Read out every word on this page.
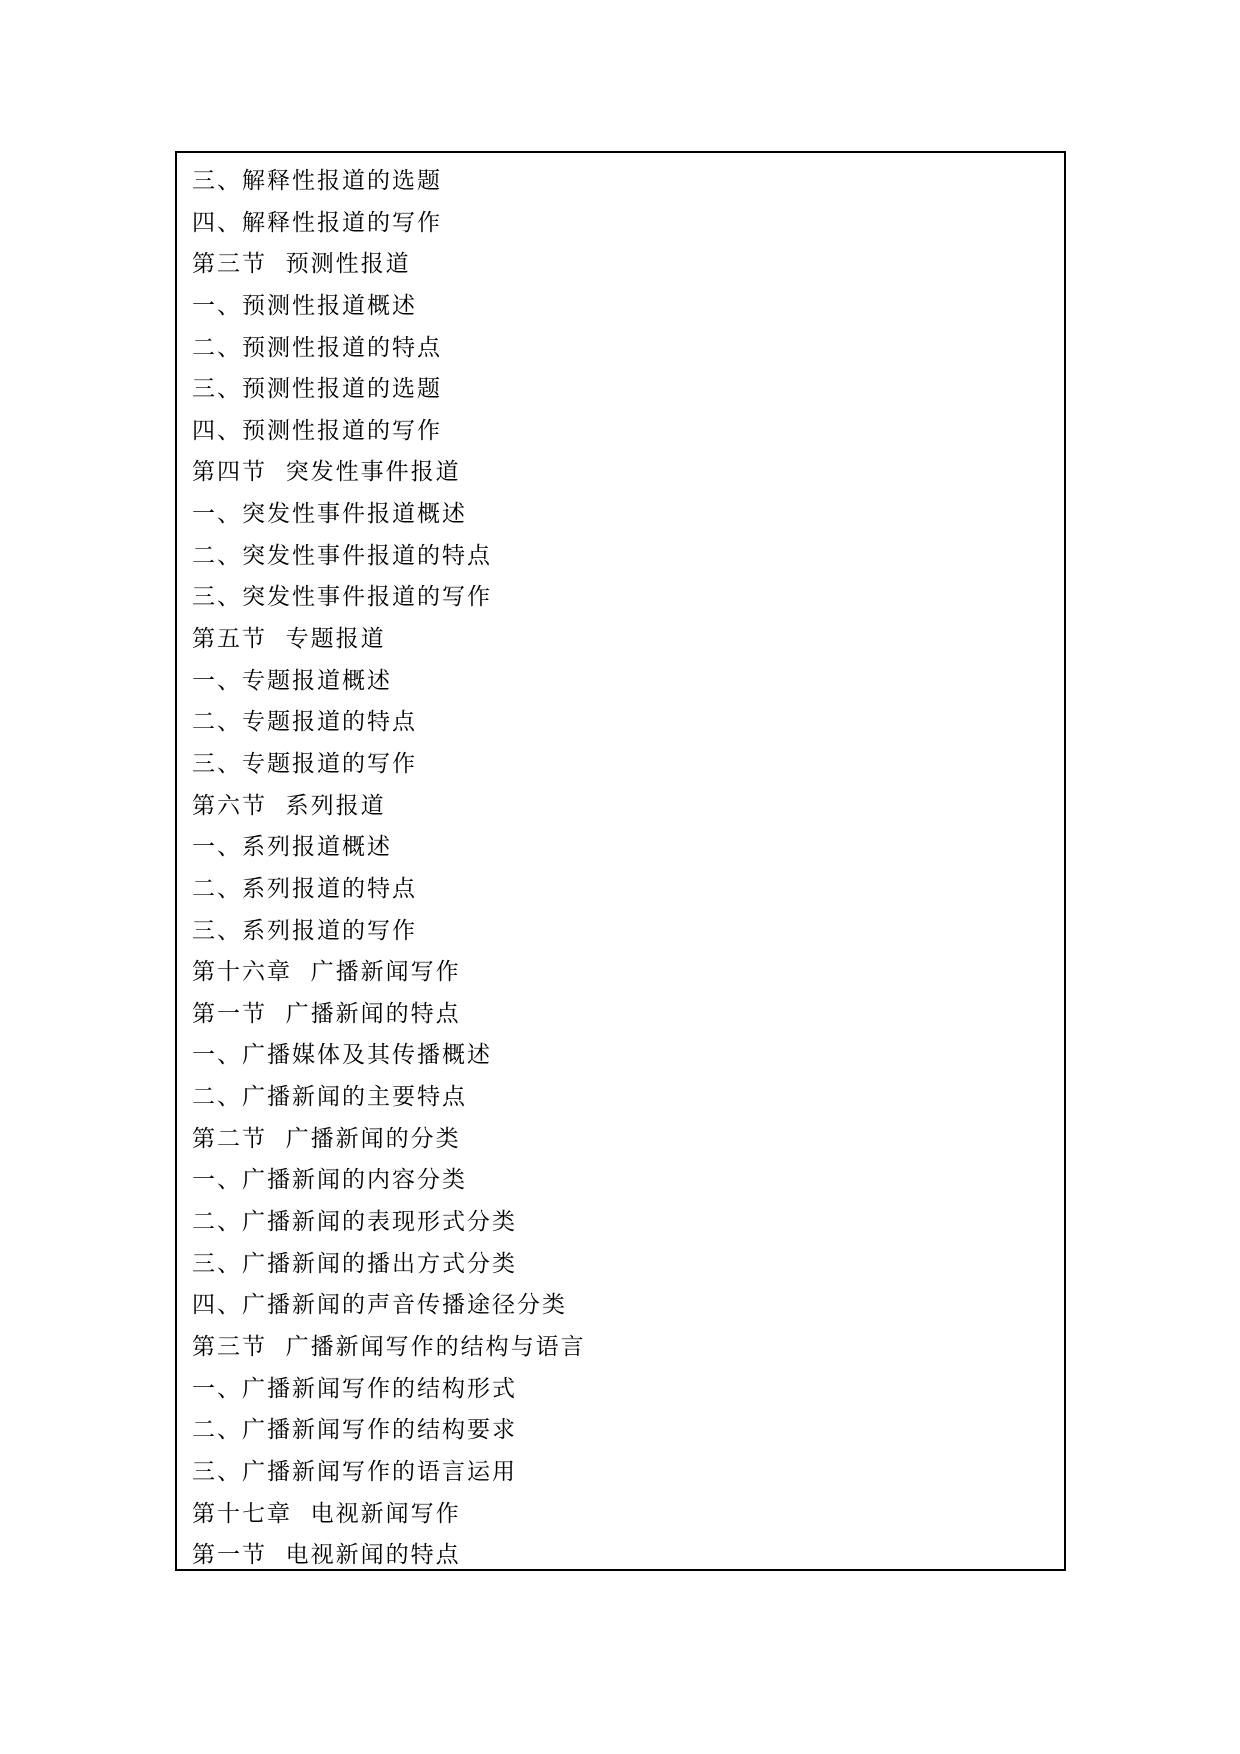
三、解释性报道的选题
四、解释性报道的写作
第三节  预测性报道
一、预测性报道概述
二、预测性报道的特点
三、预测性报道的选题
四、预测性报道的写作
第四节  突发性事件报道
一、突发性事件报道概述
二、突发性事件报道的特点
三、突发性事件报道的写作
第五节  专题报道
一、专题报道概述
二、专题报道的特点
三、专题报道的写作
第六节  系列报道
一、系列报道概述
二、系列报道的特点
三、系列报道的写作
第十六章  广播新闻写作
第一节  广播新闻的特点
一、广播媒体及其传播概述
二、广播新闻的主要特点
第二节  广播新闻的分类
一、广播新闻的内容分类
二、广播新闻的表现形式分类
三、广播新闻的播出方式分类
四、广播新闻的声音传播途径分类
第三节  广播新闻写作的结构与语言
一、广播新闻写作的结构形式
二、广播新闻写作的结构要求
三、广播新闻写作的语言运用
第十七章  电视新闻写作
第一节  电视新闻的特点
